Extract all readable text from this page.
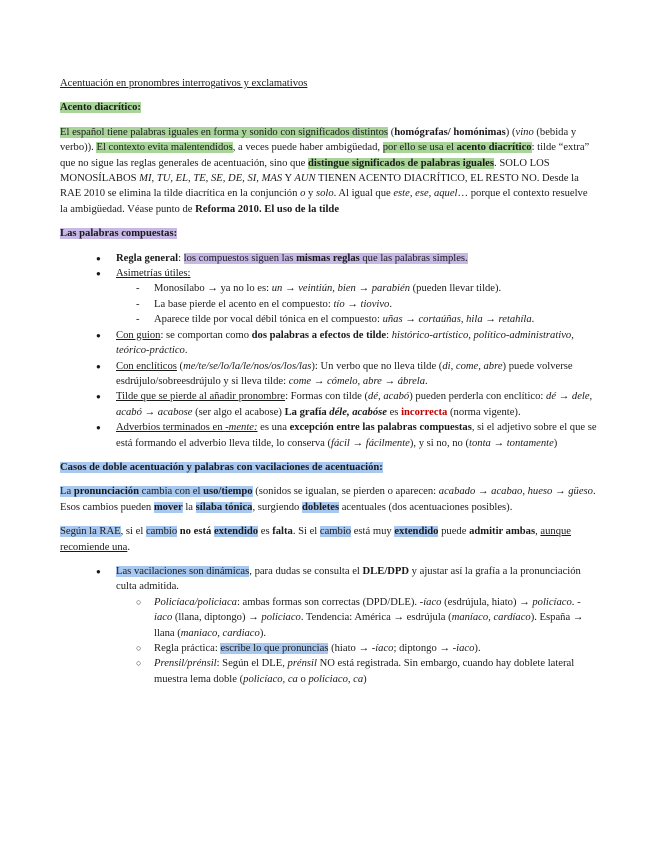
Acentuación en pronombres interrogativos y exclamativos

Acento diacrítico:

El español tiene palabras iguales en forma y sonido con significados distintos (homógrafas/ homónimas) (vino (bebida y verbo)). El contexto evita malentendidos, a veces puede haber ambigüedad, por ello se usa el acento diacrítico: tilde “extra” que no sigue las reglas generales de acentuación, sino que distingue significados de palabras iguales. SOLO LOS MONOSÍLABOS MI, TU, EL, TE, SE, DE, SI, MAS Y AUN TIENEN ACENTO DIACRÍTICO, EL RESTO NO. Desde la RAE 2010 se elimina la tilde diacrítica en la conjunción o y solo. Al igual que este, ese, aquel… porque el contexto resuelve la ambigüedad. Véase punto de Reforma 2010. El uso de la tilde

Las palabras compuestas:

● Regla general: los compuestos siguen las mismas reglas que las palabras simples.
● Asimetrías útiles:
- Monosílabo → ya no lo es: un → veintiún, bien → parabién (pueden llevar tilde).
- La base pierde el acento en el compuesto: tío → tiovivo.
- Aparece tilde por vocal débil tónica en el compuesto: uñas → cortaúñas, hila → retahíla.
● Con guion: se comportan como dos palabras a efectos de tilde: histórico-artístico, político-administrativo, teórico-práctico.
● Con enclíticos (me/te/se/lo/la/le/nos/os/los/las): Un verbo que no lleva tilde (di, come, abre) puede volverse esdrújulo/sobreesdrújulo y si lleva tilde: come → cómelo, abre → ábrela.
● Tilde que se pierde al añadir pronombre: Formas con tilde (dé, acabó) pueden perderla con enclítico: dé → dele, acabó → acabose (ser algo el acabose) La grafía déle, acabóse es incorrecta (norma vigente).
● Adverbios terminados en -mente: es una excepción entre las palabras compuestas, si el adjetivo sobre el que se está formando el adverbio lleva tilde, lo conserva (fácil → fácilmente), y si no, no (tonta → tontamente)

Casos de doble acentuación y palabras con vacilaciones de acentuación:

La pronunciación cambia con el uso/tiempo (sonidos se igualan, se pierden o aparecen: acabado → acabao, hueso → güeso. Esos cambios pueden mover la sílaba tónica, surgiendo dobletes acentuales (dos acentuaciones posibles).

Según la RAE, si el cambio no está extendido es falta. Si el cambio está muy extendido puede admitir ambas, aunque recomiende una.

● Las vacilaciones son dinámicas, para dudas se consulta el DLE/DPD y ajustar así la grafía a la pronunciación culta admitida.
○ Policíaca/policiaca: ambas formas son correctas (DPD/DLE). -íaco (esdrújula, hiato) → policíaco. -iaco (llana, diptongo) → policiaco. Tendencia: América → esdrújula (maníaco, cardíaco). España → llana (maniaco, cardiaco).
○ Regla práctica: escribe lo que pronuncias (hiato → -íaco; diptongo → -iaco).
○ Prensil/prénsil: Según el DLE, prénsil NO está registrada. Sin embargo, cuando hay doblete lateral muestra lema doble (policíaco, ca o policiaco, ca)
